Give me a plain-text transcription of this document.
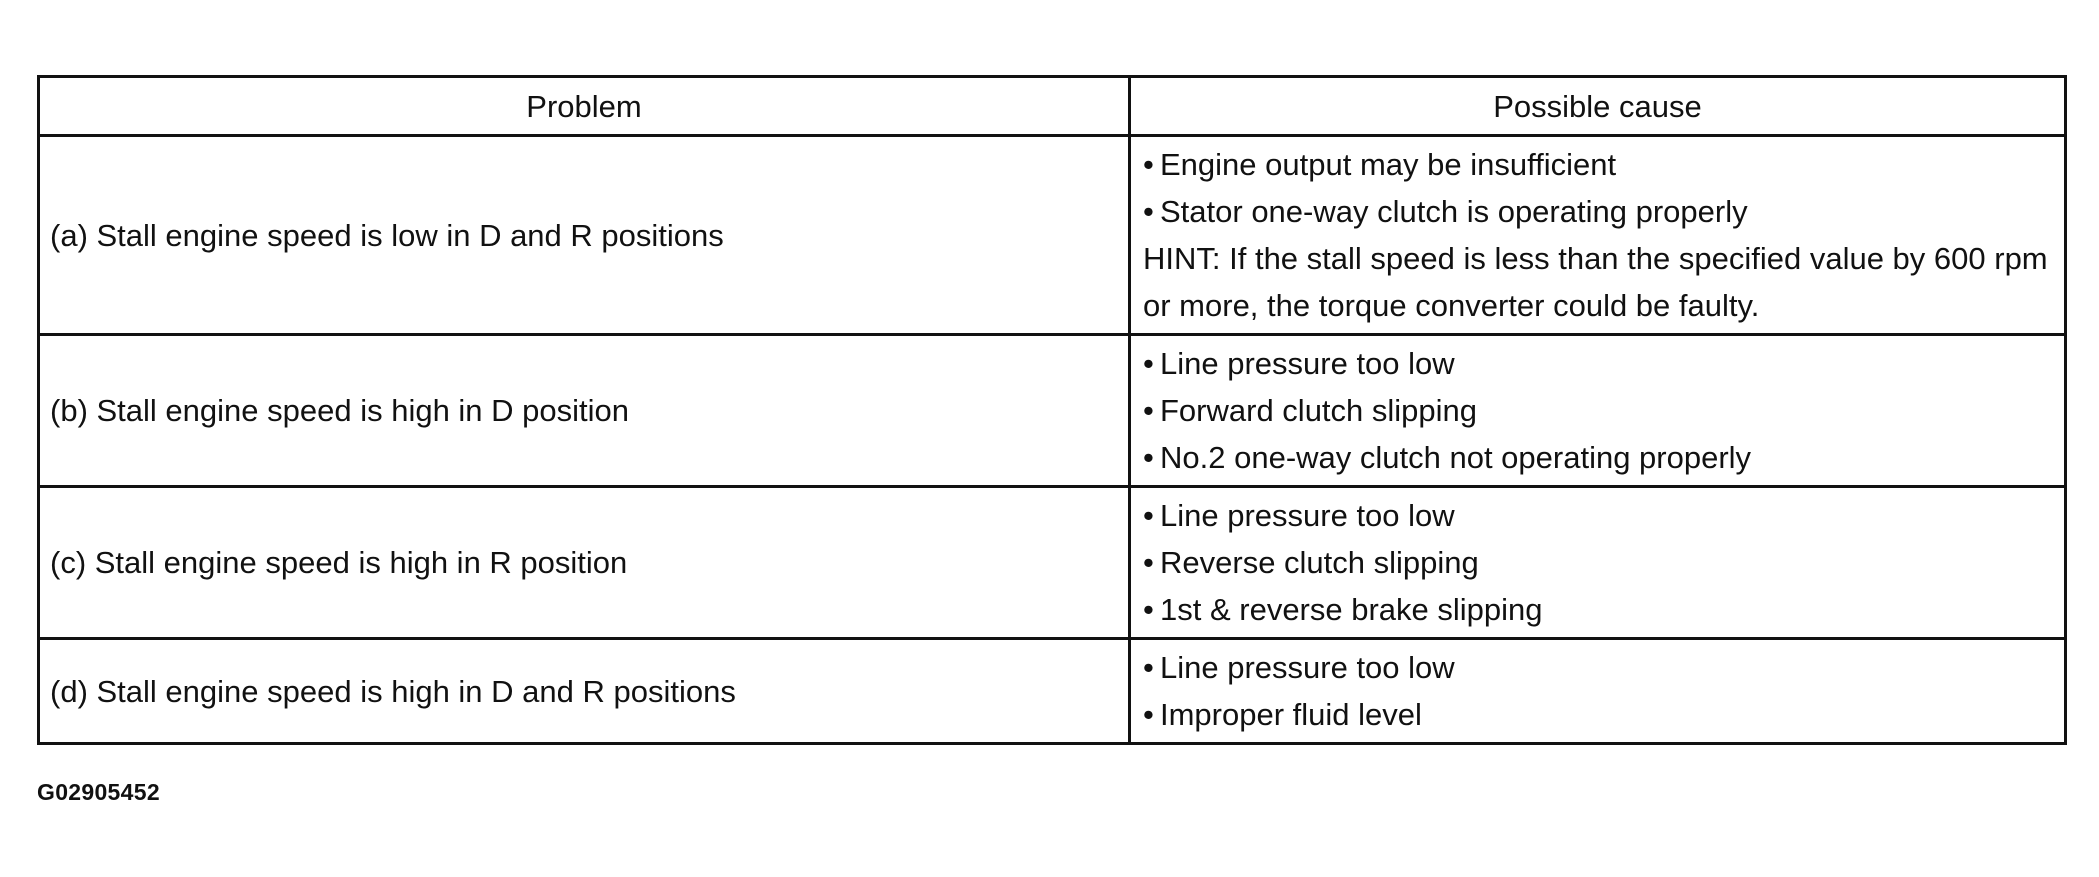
Problem	Possible cause
(a) Stall engine speed is low in D and R positions	• Engine output may be insufficient
• Stator one-way clutch is operating properly
HINT: If the stall speed is less than the specified value by 600 rpm or more, the torque converter could be faulty.

(b) Stall engine speed is high in D position	• Line pressure too low
• Forward clutch slipping
• No.2 one-way clutch not operating properly

(c) Stall engine speed is high in R position	• Line pressure too low
• Reverse clutch slipping
• 1st & reverse brake slipping

(d) Stall engine speed is high in D and R positions	• Line pressure too low
• Improper fluid level
G02905452
